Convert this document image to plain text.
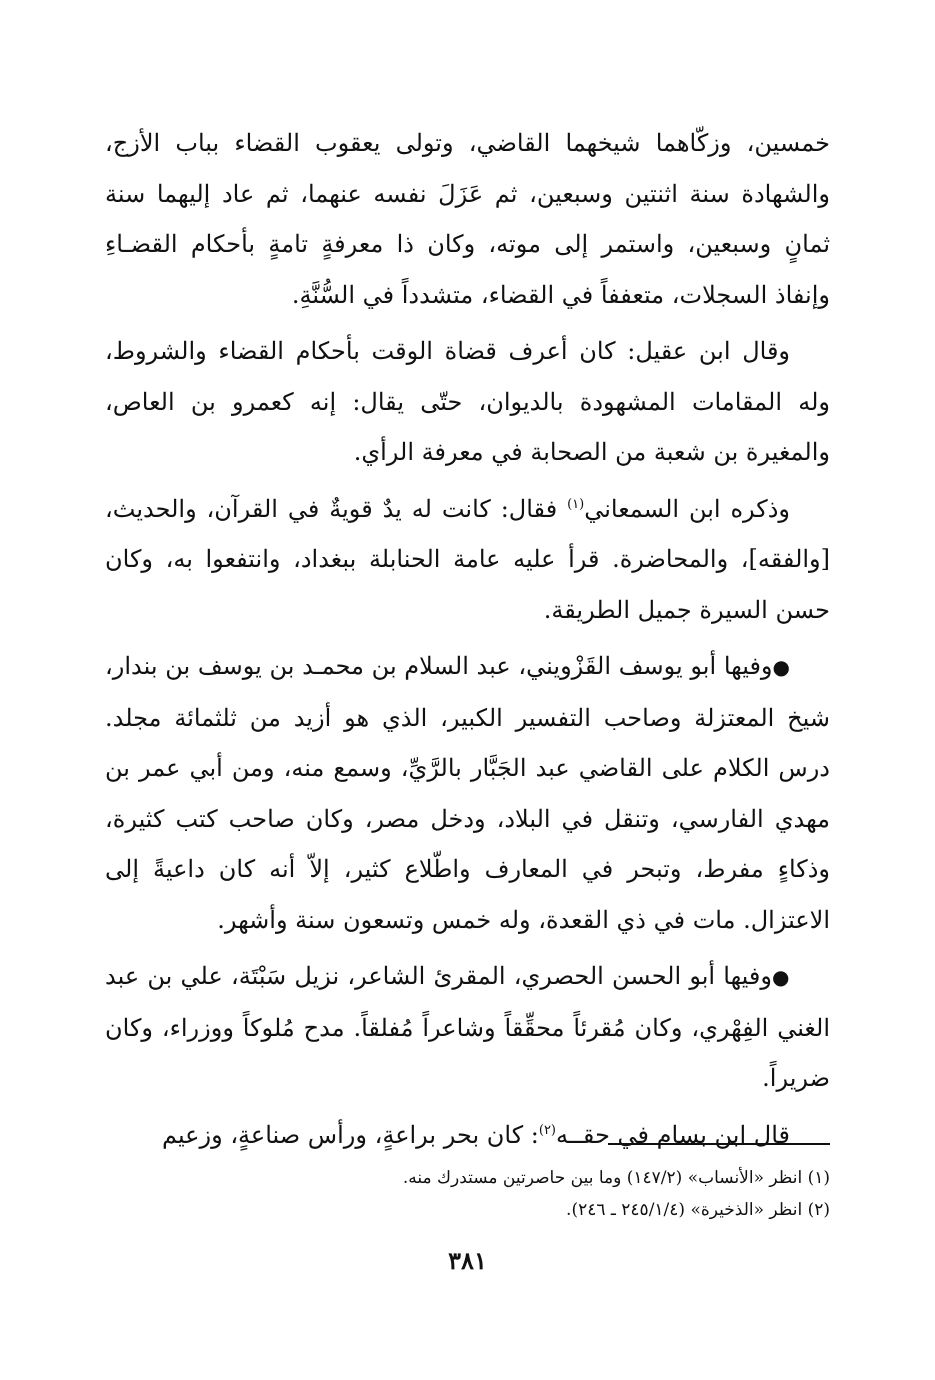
خمسين، وزكّاهما شيخهما القاضي، وتولى يعقوب القضاء بباب الأزج، والشهادة سنة اثنتين وسبعين، ثم عَزَلَ نفسه عنهما، ثم عاد إليهما سنة ثمانٍ وسبعين، واستمر إلى موته، وكان ذا معرفةٍ تامةٍ بأحكام القضـاءِ وإنفاذ السجلات، متعففاً في القضاء، متشدداً في السُّنَّةِ.

وقال ابن عقيل: كان أعرف قضاة الوقت بأحكام القضاء والشروط، وله المقامات المشهودة بالديوان، حتّى يقال: إنه كعمرو بن العاص، والمغيرة بن شعبة من الصحابة في معرفة الرأي.

وذكره ابن السمعاني$^{(١)}$ فقال: كانت له يدٌ قويةٌ في القرآن، والحديث، [والفقه]، والمحاضرة. قرأ عليه عامة الحنابلة ببغداد، وانتفعوا به، وكان حسن السيرة جميل الطريقة.

●وفيها أبو يوسف القَزْويني، عبد السلام بن محمـد بن يوسف بن بندار، شيخ المعتزلة وصاحب التفسير الكبير، الذي هو أزيد من ثلثمائة مجلد. درس الكلام على القاضي عبد الجَبَّار بالرَّيِّ، وسمع منه، ومن أبي عمر بن مهدي الفارسي، وتنقل في البلاد، ودخل مصر، وكان صاحب كتب كثيرة، وذكاءٍ مفرط، وتبحر في المعارف واطّلاع كثير، إلاّ أنه كان داعيةً إلى الاعتزال. مات في ذي القعدة، وله خمس وتسعون سنة وأشهر.

●وفيها أبو الحسن الحصري، المقرئ الشاعر، نزيل سَبْتَة، علي بن عبد الغني الفِهْري، وكان مُقرئاً محقِّقاً وشاعراً مُفلقاً. مدح مُلوكاً ووزراء، وكان ضريراً.

قال ابن بسام في حقــه$^{(٢)}$: كان بحر براعةٍ، ورأس صناعةٍ، وزعيم

(١) انظر «الأنساب» (١٤٧/٢) وما بين حاصرتين مستدرك منه.

(٢) انظر «الذخيرة» (٢٤٥/١/٤ ـ ٢٤٦).

٣٨١
